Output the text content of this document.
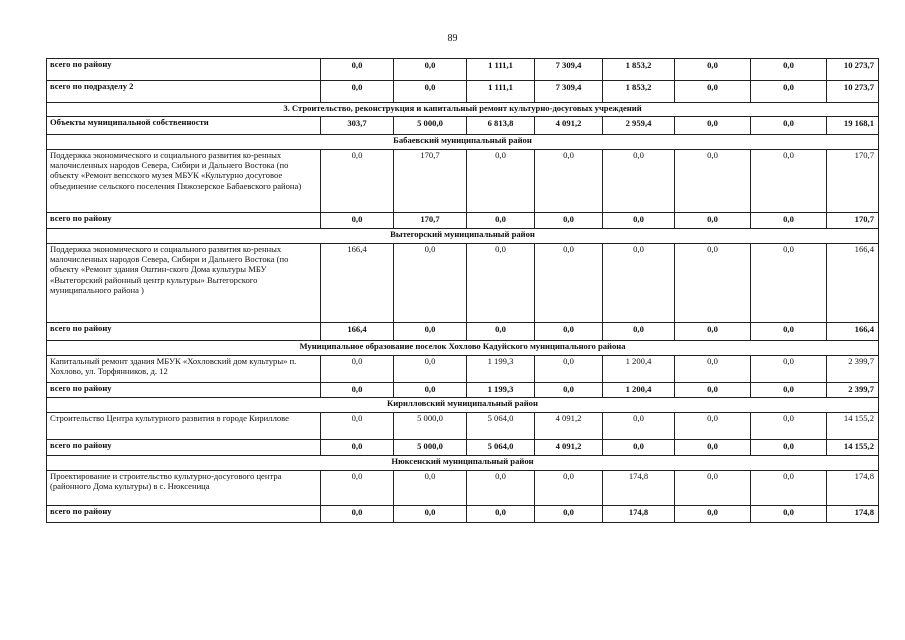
89
всего по району	0,0	0,0	1 111,1	7 309,4	1 853,2	0,0	0,0	10 273,7
всего по подразделу 2	0,0	0,0	1 111,1	7 309,4	1 853,2	0,0	0,0	10 273,7
3. Строительство, реконструкция и капитальный ремонт культурно-досуговых учреждений								
Объекты муниципальной собственности	303,7	5 000,0	6 813,8	4 091,2	2 959,4	0,0	0,0	19 168,1
Бабаевский муниципальный район								
Поддержка экономического и социального развития ко-ренных малочисленных народов Севера, Сибири и Дальнего Востока (по объекту «Ремонт вепсского музея МБУК «Культурно досуговое объединение сельского поселения Пяжозерское Бабаевского района)	0,0	170,7	0,0	0,0	0,0	0,0	0,0	170,7
всего по району	0,0	170,7	0,0	0,0	0,0	0,0	0,0	170,7
Вытегорский муниципальный район								
Поддержка экономического и социального развития ко-ренных малочисленных народов Севера, Сибири и Дальнего Востока (по объекту «Ремонт здания Оштин-ского Дома культуры МБУ «Вытегорский районный центр культуры» Вытегорского муниципального района )	166,4	0,0	0,0	0,0	0,0	0,0	0,0	166,4
всего по району	166,4	0,0	0,0	0,0	0,0	0,0	0,0	166,4
Муниципальное образование поселок Хохлово Кадуйского муниципального района								
Капитальный ремонт здания МБУК «Хохловский дом культуры» п. Хохлово, ул. Торфянников, д. 12	0,0	0,0	1 199,3	0,0	1 200,4	0,0	0,0	2 399,7
всего по району	0,0	0,0	1 199,3	0,0	1 200,4	0,0	0,0	2 399,7
Кирилловский муниципальный район								
Строительство Центра культурного развития в городе Кириллове	0,0	5 000,0	5 064,0	4 091,2	0,0	0,0	0,0	14 155,2
всего по району	0,0	5 000,0	5 064,0	4 091,2	0,0	0,0	0,0	14 155,2
Нюксенский муниципальный район								
Проектирование и строительство культурно-досугового центра (районного Дома культуры) в с. Нюксеница	0,0	0,0	0,0	0,0	174,8	0,0	0,0	174,8
всего по району	0,0	0,0	0,0	0,0	174,8	0,0	0,0	174,8
